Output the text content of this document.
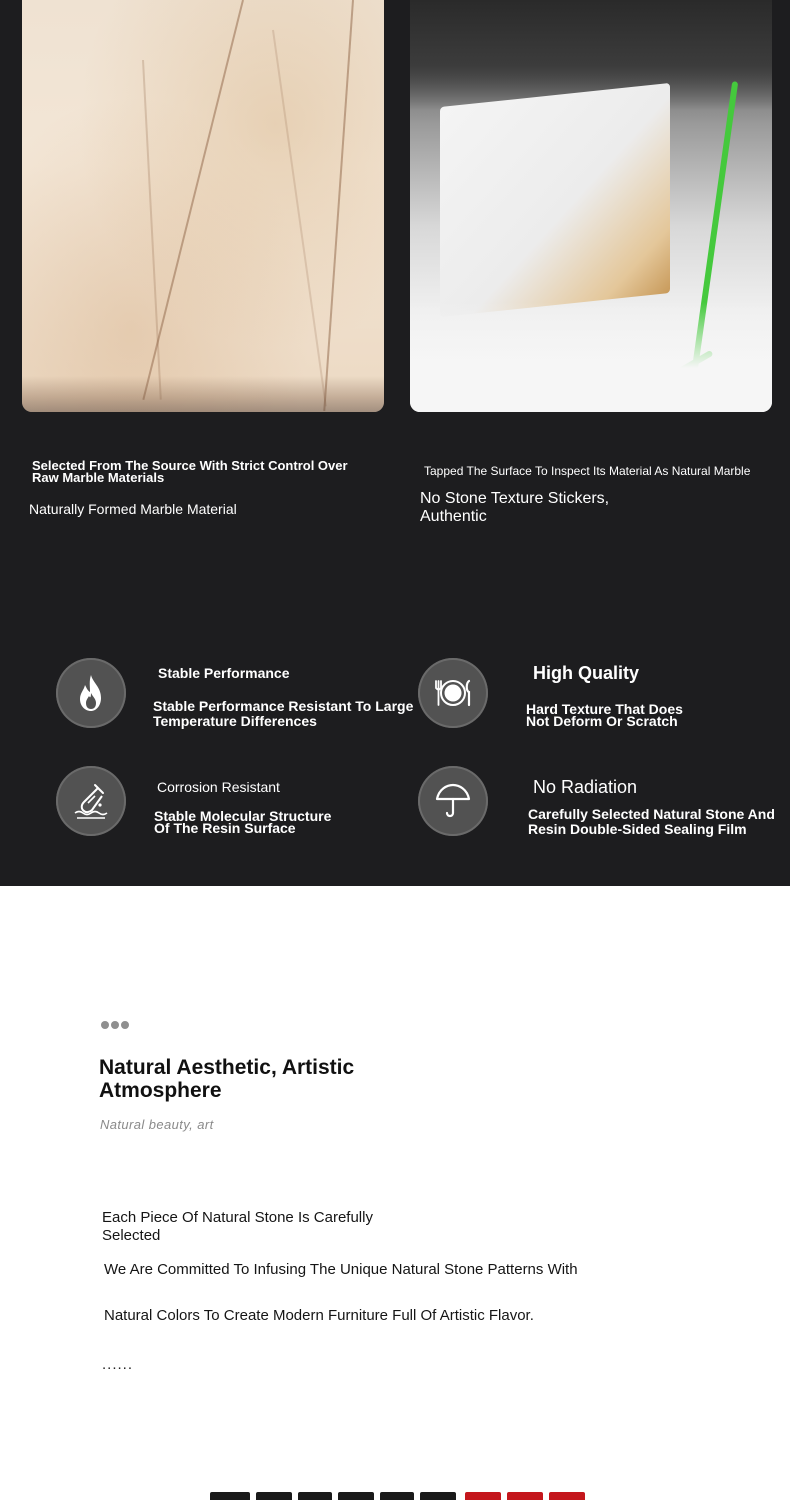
Selected From The Source With Strict Control Over
Raw Marble Materials
Naturally Formed Marble Material
Tapped The Surface To Inspect Its Material As Natural Marble
No Stone Texture Stickers,
Authentic
Stable Performance
Stable Performance Resistant To Large
Temperature Differences
High Quality
Hard Texture That Does
Not Deform Or Scratch
Corrosion Resistant
Stable Molecular Structure
Of The Resin Surface
No Radiation
Carefully Selected Natural Stone And
Resin Double-Sided Sealing Film
Natural Aesthetic, Artistic
Atmosphere
Natural beauty, art
Each Piece Of Natural Stone Is Carefully
Selected
We Are Committed To Infusing The Unique Natural Stone Patterns With
Natural Colors To Create Modern Furniture Full Of Artistic Flavor.
......
